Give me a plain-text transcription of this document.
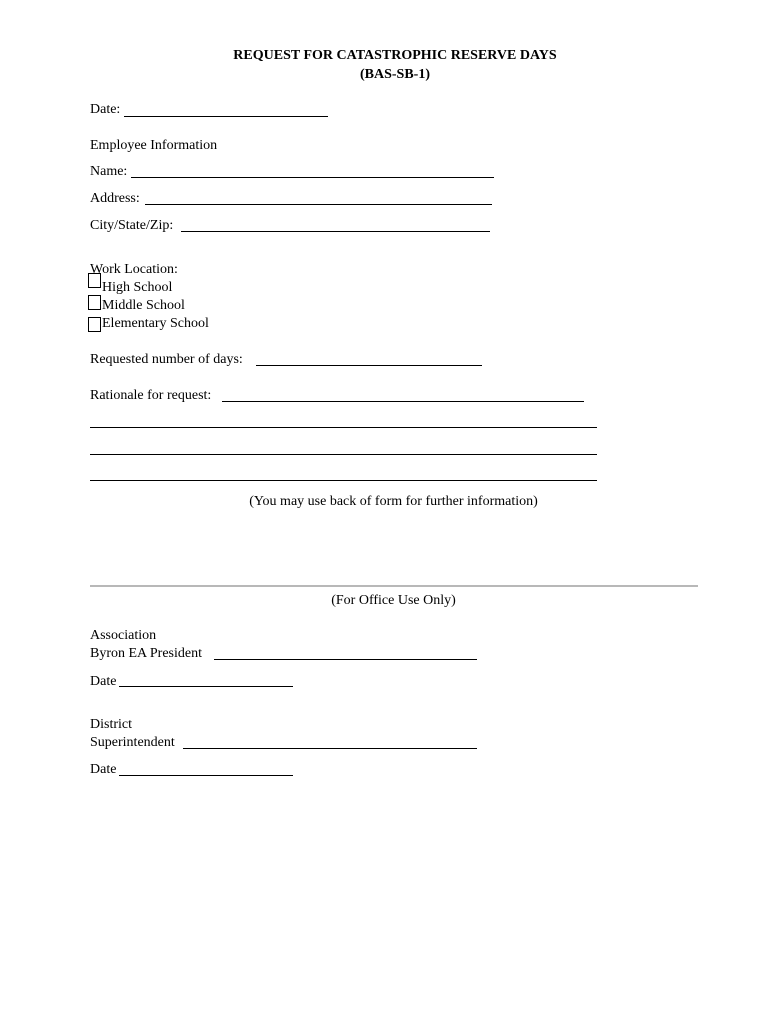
REQUEST FOR CATASTROPHIC RESERVE DAYS
(BAS-SB-1)
Date:
Employee Information
Name:
Address:
City/State/Zip:
Work Location:
High School
Middle School
Elementary School
Requested number of days:
Rationale for request:
(You may use back of form for further information)
(For Office Use Only)
Association
Byron EA President
Date
District
Superintendent
Date
